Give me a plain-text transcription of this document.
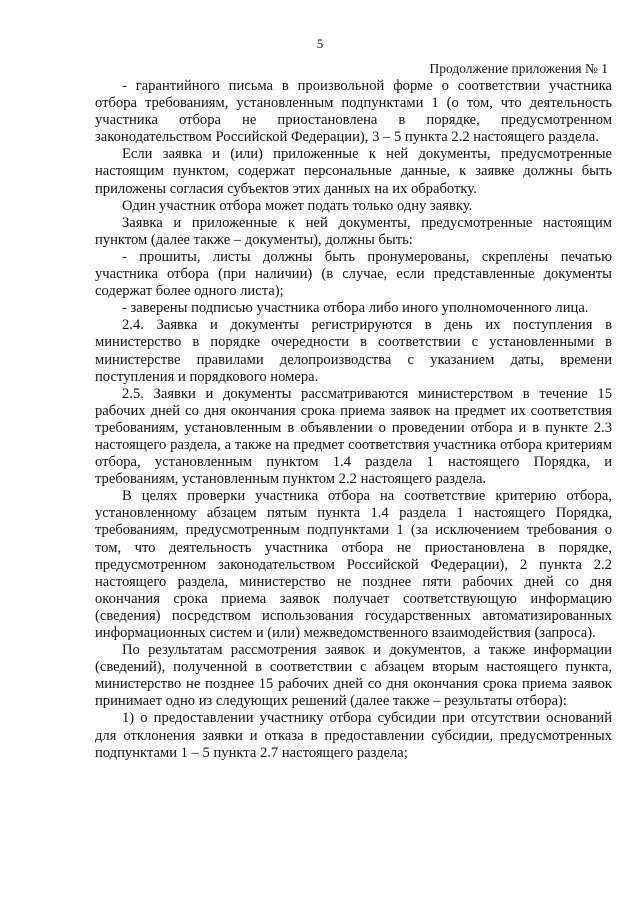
5
Продолжение приложения № 1

- гарантийного письма в произвольной форме о соответствии участника отбора требованиям, установленным подпунктами 1 (о том, что деятельность участника отбора не приостановлена в порядке, предусмотренном законодательством Российской Федерации), 3 – 5 пункта 2.2 настоящего раздела.

Если заявка и (или) приложенные к ней документы, предусмотренные настоящим пунктом, содержат персональные данные, к заявке должны быть приложены согласия субъектов этих данных на их обработку.

Один участник отбора может подать только одну заявку.

Заявка и приложенные к ней документы, предусмотренные настоящим пунктом (далее также – документы), должны быть:

- прошиты, листы должны быть пронумерованы, скреплены печатью участника отбора (при наличии) (в случае, если представленные документы содержат более одного листа);

- заверены подписью участника отбора либо иного уполномоченного лица.

2.4. Заявка и документы регистрируются в день их поступления в министерство в порядке очередности в соответствии с установленными в министерстве правилами делопроизводства с указанием даты, времени поступления и порядкового номера.

2.5. Заявки и документы рассматриваются министерством в течение 15 рабочих дней со дня окончания срока приема заявок на предмет их соответствия требованиям, установленным в объявлении о проведении отбора и в пункте 2.3 настоящего раздела, а также на предмет соответствия участника отбора критериям отбора, установленным пунктом 1.4 раздела 1 настоящего Порядка, и требованиям, установленным пунктом 2.2 настоящего раздела.

В целях проверки участника отбора на соответствие критерию отбора, установленному абзацем пятым пункта 1.4 раздела 1 настоящего Порядка, требованиям, предусмотренным подпунктами 1 (за исключением требования о том, что деятельность участника отбора не приостановлена в порядке, предусмотренном законодательством Российской Федерации), 2 пункта 2.2 настоящего раздела, министерство не позднее пяти рабочих дней со дня окончания срока приема заявок получает соответствующую информацию (сведения) посредством использования государственных автоматизированных информационных систем и (или) межведомственного взаимодействия (запроса).

По результатам рассмотрения заявок и документов, а также информации (сведений), полученной в соответствии с абзацем вторым настоящего пункта, министерство не позднее 15 рабочих дней со дня окончания срока приема заявок принимает одно из следующих решений (далее также – результаты отбора):

1) о предоставлении участнику отбора субсидии при отсутствии оснований для отклонения заявки и отказа в предоставлении субсидии, предусмотренных подпунктами 1 – 5 пункта 2.7 настоящего раздела;
